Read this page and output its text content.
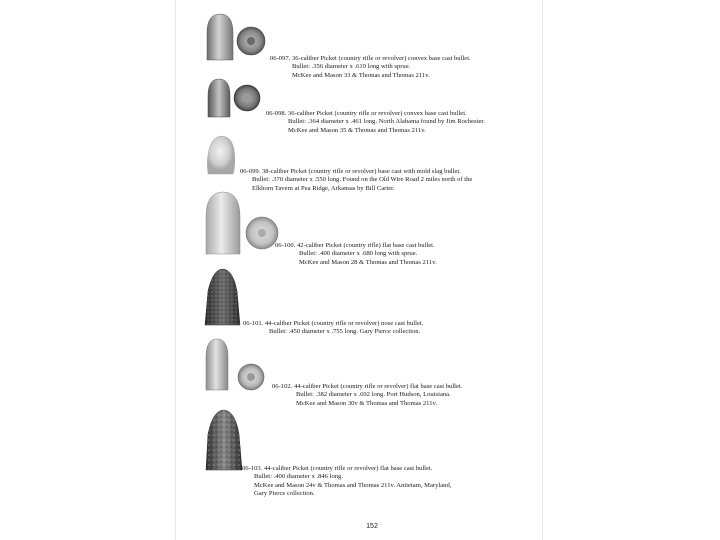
06-097. 36-caliber Picket (country rifle or revolver) convex base cast bullet.
Bullet: .356 diameter x .619 long with sprue.
McKee and Mason 33 & Thomas and Thomas 211v.
06-098. 36-caliber Picket (country rifle or revolver) convex base cast bullet.
Bullet: .364 diameter x .461 long. North Alabama found by Jim Rochester.
McKee and Mason 35 & Thomas and Thomas 211v.
06-099. 38-caliber Picket (country rifle or revolver) base cast with mold slag bullet.
Bullet: .370 diameter x .550 long. Found on the Old Wire Road 2 miles north of the
Elkhorn Tavern at Pea Ridge, Arkansas by Bill Carter.
06-100. 42-caliber Picket (country rifle) flat base cast bullet.
Bullet: .400 diameter x .680 long with sprue.
McKee and Mason 28 & Thomas and Thomas 211v.
06-101. 44-caliber Picket (country rifle or revolver) nose cast bullet.
Bullet: .450 diameter x .755 long. Gary Pierce collection.
06-102. 44-caliber Picket (country rifle or revolver) flat base cast bullet.
Bullet: .382 diameter x .692 long. Port Hudson, Louisiana.
McKee and Mason 30v & Thomas and Thomas 211v.
06-103. 44-caliber Picket (country rifle or revolver) flat base cast bullet.
Bullet: .400 diameter x .846 long.
McKee and Mason 24v & Thomas and Thomas 211v. Antietam, Maryland,
Gary Pierce collection.
152
